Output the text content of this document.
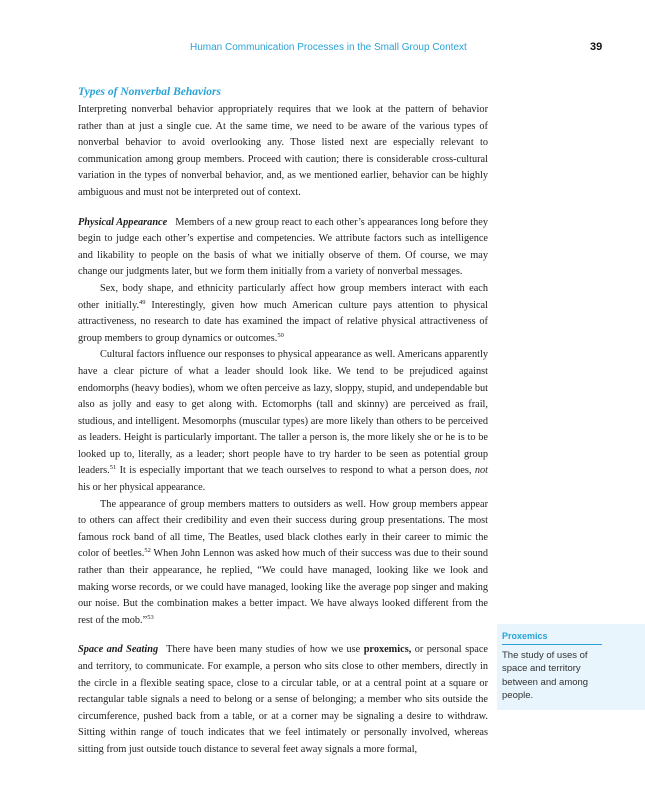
Human Communication Processes in the Small Group Context	39
Types of Nonverbal Behaviors

Interpreting nonverbal behavior appropriately requires that we look at the pattern of behavior rather than at just a single cue. At the same time, we need to be aware of the various types of nonverbal behavior to avoid overlooking any. Those listed next are especially relevant to communication among group members. Proceed with caution; there is considerable cross-cultural variation in the types of nonverbal behavior, and, as we mentioned earlier, behavior can be highly ambiguous and must not be interpreted out of context.

Physical Appearance Members of a new group react to each other’s appearances long before they begin to judge each other’s expertise and competencies. We attribute factors such as intelligence and likability to people on the basis of what we initially observe of them. Of course, we may change our judgments later, but we form them initially from a variety of nonverbal messages.

Sex, body shape, and ethnicity particularly affect how group members interact with each other initially.$^{49}$ Interestingly, given how much American culture pays attention to physical attractiveness, no research to date has examined the impact of relative physical attractiveness of group members to group dynamics or outcomes.$^{50}$

Cultural factors influence our responses to physical appearance as well. Americans apparently have a clear picture of what a leader should look like. We tend to be prejudiced against endomorphs (heavy bodies), whom we often perceive as lazy, sloppy, stupid, and undependable but also as jolly and easy to get along with. Ectomorphs (tall and skinny) are perceived as frail, studious, and intelligent. Mesomorphs (muscular types) are more likely than others to be perceived as leaders. Height is particularly important. The taller a person is, the more likely she or he is to be looked up to, literally, as a leader; short people have to try harder to be seen as potential group leaders.$^{51}$ It is especially important that we teach ourselves to respond to what a person does, not his or her physical appearance.

The appearance of group members matters to outsiders as well. How group members appear to others can affect their credibility and even their success during group presentations. The most famous rock band of all time, The Beatles, used black clothes early in their career to mimic the color of beetles.$^{52}$ When John Lennon was asked how much of their success was due to their sound rather than their appearance, he replied, “We could have managed, looking like we look and making worse records, or we could have managed, looking like the average pop singer and making our noise. But the combination makes a better impact. We have always looked different from the rest of the mob.”$^{53}$

Space and Seating There have been many studies of how we use proxemics, or personal space and territory, to communicate. For example, a person who sits close to other members, directly in the circle in a flexible seating space, close to a circular table, or at a central point at a square or rectangular table signals a need to belong or a sense of belonging; a member who sits outside the circumference, pushed back from a table, or at a corner may be signaling a desire to withdraw. Sitting within range of touch indicates that we feel intimately or personally involved, whereas sitting from just outside touch distance to several feet away signals a more formal,

Proxemics
The study of uses of space and territory between and among people.
